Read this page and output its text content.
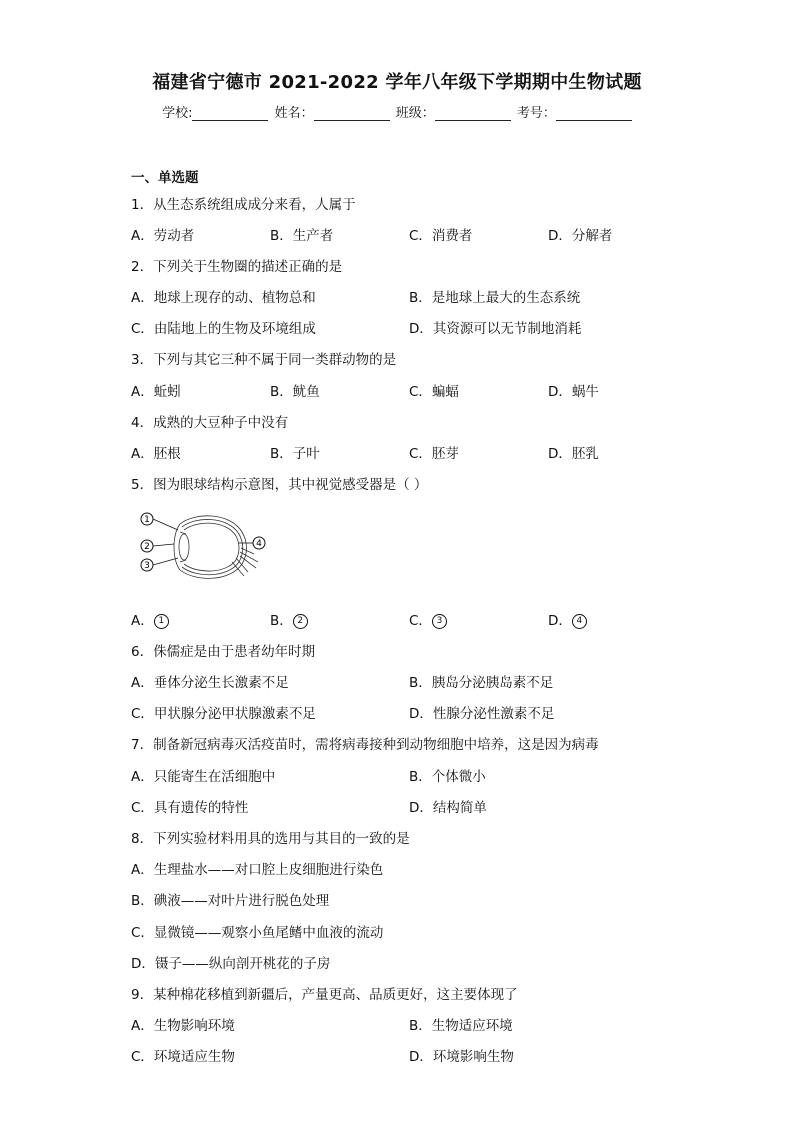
福建省宁德市 2021-2022 学年八年级下学期期中生物试题
学校:	姓名：	班级：	考号：
一、单选题
1．从生态系统组成成分来看，人属于
A．劳动者	B．生产者	C．消费者	D．分解者
2．下列关于生物圈的描述正确的是
A．地球上现存的动、植物总和	B．是地球上最大的生态系统
C．由陆地上的生物及环境组成	D．其资源可以无节制地消耗
3．下列与其它三种不属于同一类群动物的是
A．蚯蚓	B．鱿鱼	C．蝙蝠	D．蜗牛
4．成熟的大豆种子中没有
A．胚根	B．子叶	C．胚芽	D．胚乳
5．图为眼球结构示意图，其中视觉感受器是（ ）
1
2
3
4
A． 1	B． 2	C． 3	D． 4
6．侏儒症是由于患者幼年时期
A．垂体分泌生长激素不足	B．胰岛分泌胰岛素不足
C．甲状腺分泌甲状腺激素不足	D．性腺分泌性激素不足
7．制备新冠病毒灭活疫苗时，需将病毒接种到动物细胞中培养，这是因为病毒
A．只能寄生在活细胞中	B．个体微小
C．具有遗传的特性	D．结构简单
8．下列实验材料用具的选用与其目的一致的是
A．生理盐水——对口腔上皮细胞进行染色
B．碘液——对叶片进行脱色处理
C．显微镜——观察小鱼尾鳍中血液的流动
D．镊子——纵向剖开桃花的子房
9．某种棉花移植到新疆后，产量更高、品质更好，这主要体现了
A．生物影响环境	B．生物适应环境
C．环境适应生物	D．环境影响生物
